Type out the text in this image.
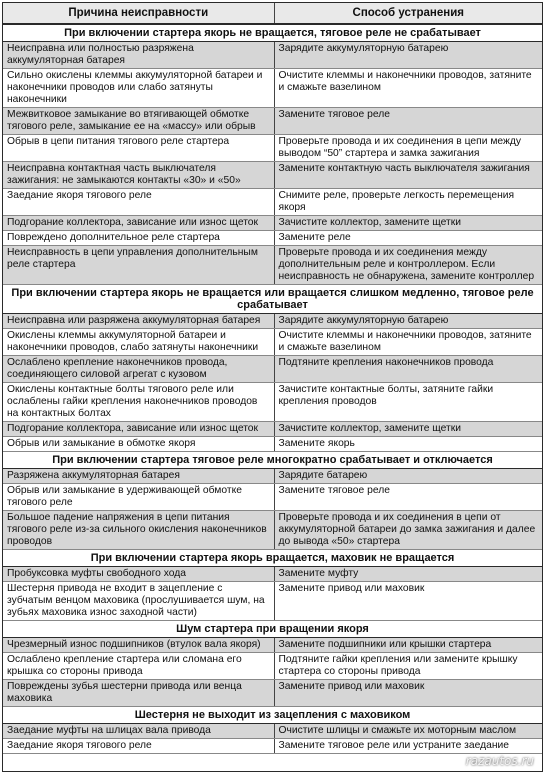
Причина неисправности	Способ устранения
При включении стартера якорь не вращается, тяговое реле не срабатывает	
Неисправна или полностью разряжена аккумуляторная батарея	Зарядите аккумуляторную батарею
Сильно окислены клеммы аккумуляторной батареи и наконечники проводов или слабо затянуты наконечники	Очистите клеммы и наконечники проводов, затяните и смажьте вазелином
Межвитковое замыкание во втягивающей обмотке тягового реле, замыкание ее на «массу» или обрыв	Замените тяговое реле
Обрыв в цепи питания тягового реле стартера	Проверьте провода и их соединения в цепи между выводом “50” стартера и замка зажигания
Неисправна контактная часть выключателя зажигания: не замыкаются контакты «30» и «50»	Замените контактную часть выключателя зажигания
Заедание якоря тягового реле	Снимите реле, проверьте легкость перемещения якоря
Подгорание коллектора, зависание или износ щеток	Зачистите коллектор, замените щетки
Повреждено дополнительное реле стартера	Замените реле
Неисправность в цепи управления дополнительным реле стартера	Проверьте провода и их соединения между дополнительным реле и контроллером. Если неисправность не обнаружена, замените контроллер
При включении стартера якорь не вращается или вращается слишком медленно, тяговое реле срабатывает	
Неисправна или разряжена аккумуляторная батарея	Зарядите аккумуляторную батарею
Окислены клеммы аккумуляторной батареи и наконечники проводов, слабо затянуты наконечники	Очистите клеммы и наконечники проводов, затяните и смажьте вазелином
Ослаблено крепление наконечников провода, соединяющего силовой агрегат с кузовом	Подтяните крепления наконечников провода
Окислены контактные болты тягового реле или ослаблены гайки крепления наконечников проводов на контактных болтах	Зачистите контактные болты, затяните гайки крепления проводов
Подгорание коллектора, зависание или износ щеток	Зачистите коллектор, замените щетки
Обрыв или замыкание в обмотке якоря	Замените якорь
При включении стартера тяговое реле многократно срабатывает и отключается	
Разряжена аккумуляторная батарея	Зарядите батарею
Обрыв или замыкание в удерживающей обмотке тягового реле	Замените тяговое реле
Большое падение напряжения в цепи питания тягового реле из-за сильного окисления наконечников проводов	Проверьте провода и их соединения в цепи от аккумуляторной батареи до замка зажигания и далее до вывода «50» стартера
При включении стартера якорь вращается, маховик не вращается	
Пробуксовка муфты свободного хода	Замените муфту
Шестерня привода не входит в зацепление с зубчатым венцом маховика (прослушивается шум, на зубьях маховика износ заходной части)	Замените привод или маховик
Шум стартера при вращении якоря	
Чрезмерный износ подшипников (втулок вала якоря)	Замените подшипники или крышки стартера
Ослаблено крепление стартера или сломана его крышка со стороны привода	Подтяните гайки крепления или замените крышку стартера со стороны привода
Повреждены зубья шестерни привода или венца маховика	Замените привод или маховик
Шестерня не выходит из зацепления с маховиком	
Заедание муфты на шлицах вала привода	Очистите шлицы и смажьте их моторным маслом
Заедание якоря тягового реле	Замените тяговое реле или устраните заедание
razautos.ru
